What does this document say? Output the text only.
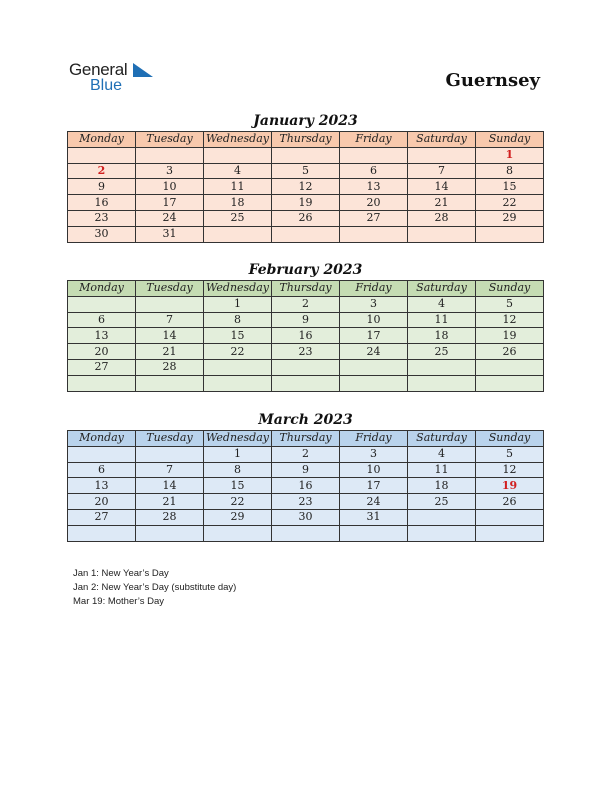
General
Blue	Guernsey
January 2023
Monday	Tuesday	Wednesday	Thursday	Friday	Saturday	Sunday
						1
2	3	4	5	6	7	8
9	10	11	12	13	14	15
16	17	18	19	20	21	22
23	24	25	26	27	28	29
30	31					
February 2023
Monday	Tuesday	Wednesday	Thursday	Friday	Saturday	Sunday
		1	2	3	4	5
6	7	8	9	10	11	12
13	14	15	16	17	18	19
20	21	22	23	24	25	26
27	28					

March 2023
Monday	Tuesday	Wednesday	Thursday	Friday	Saturday	Sunday
		1	2	3	4	5
6	7	8	9	10	11	12
13	14	15	16	17	18	19
20	21	22	23	24	25	26
27	28	29	30	31		

Jan 1: New Year’s Day

Jan 2: New Year’s Day (substitute day)

Mar 19: Mother’s Day
